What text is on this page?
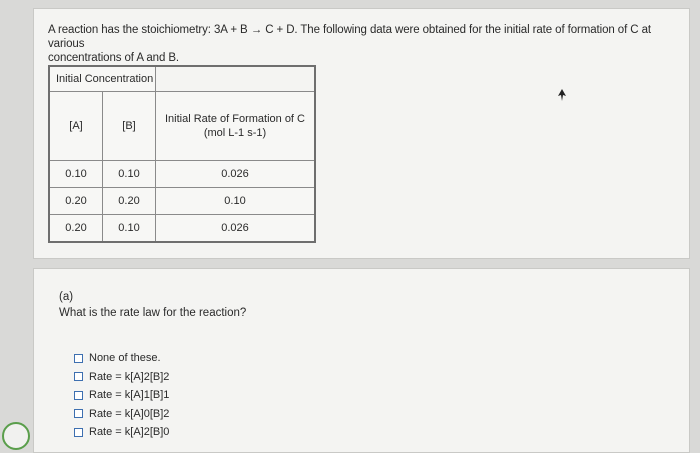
A reaction has the stoichiometry: 3A + B → C + D. The following data were obtained for the initial rate of formation of C at various
concentrations of A and B.
Initial Concentration		
[A]	[B]	Initial Rate of Formation of C
(mol L-1 s-1)

0.10	0.10	0.026
0.20	0.20	0.10
0.20	0.10	0.026
(a)
What is the rate law for the reaction?
None of these.
Rate = k[A]2[B]2
Rate = k[A]1[B]1
Rate = k[A]0[B]2
Rate = k[A]2[B]0
